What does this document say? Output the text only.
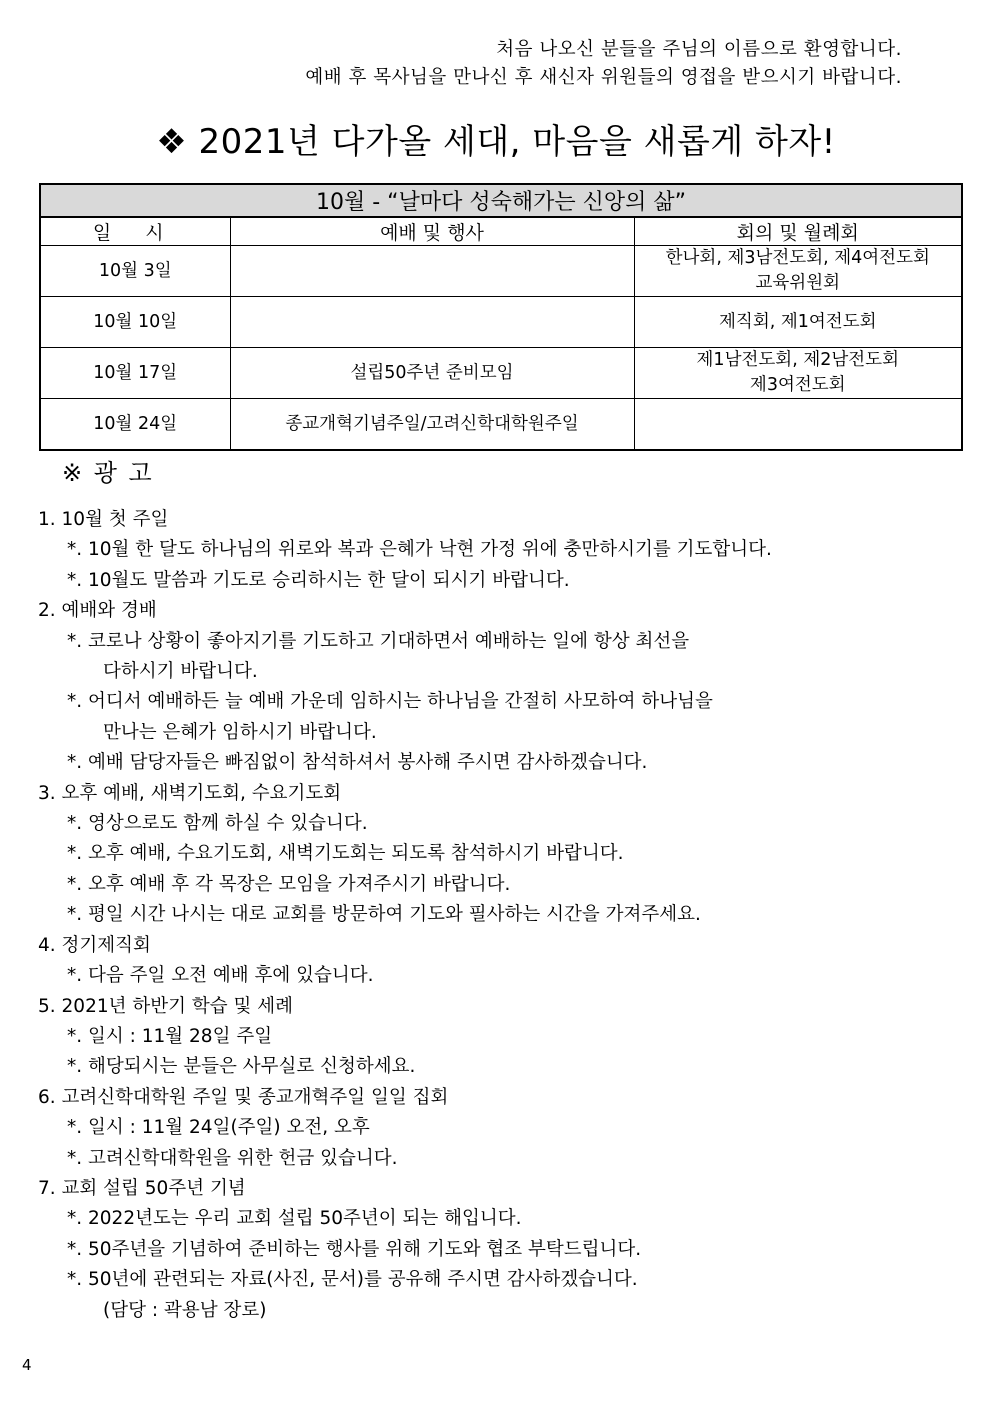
처음 나오신 분들을 주님의 이름으로 환영합니다.
예배 후 목사님을 만나신 후 새신자 위원들의 영접을 받으시기 바랍니다.
❖ 2021년 다가올 세대, 마음을 새롭게 하자!
10월 - “날마다 성숙해가는 신앙의 삶”		
일 시	예배 및 행사	회의 및 월례회
10월 3일		한나회, 제3남전도회, 제4여전도회
교육위원회

10월 10일		제직회, 제1여전도회

10월 17일	설립50주년 준비모임	제1남전도회, 제2남전도회
제3여전도회

10월 24일	종교개혁기념주일/고려신학대학원주일	
※ 광 고
1. 10월 첫 주일
*. 10월 한 달도 하나님의 위로와 복과 은혜가 낙현 가정 위에 충만하시기를 기도합니다.
*. 10월도 말씀과 기도로 승리하시는 한 달이 되시기 바랍니다.
2. 예배와 경배
*. 코로나 상황이 좋아지기를 기도하고 기대하면서 예배하는 일에 항상 최선을
다하시기 바랍니다.
*. 어디서 예배하든 늘 예배 가운데 임하시는 하나님을 간절히 사모하여 하나님을
만나는 은혜가 임하시기 바랍니다.
*. 예배 담당자들은 빠짐없이 참석하셔서 봉사해 주시면 감사하겠습니다.
3. 오후 예배, 새벽기도회, 수요기도회
*. 영상으로도 함께 하실 수 있습니다.
*. 오후 예배, 수요기도회, 새벽기도회는 되도록 참석하시기 바랍니다.
*. 오후 예배 후 각 목장은 모임을 가져주시기 바랍니다.
*. 평일 시간 나시는 대로 교회를 방문하여 기도와 필사하는 시간을 가져주세요.
4. 정기제직회
*. 다음 주일 오전 예배 후에 있습니다.
5. 2021년 하반기 학습 및 세례
*. 일시 : 11월 28일 주일
*. 해당되시는 분들은 사무실로 신청하세요.
6. 고려신학대학원 주일 및 종교개혁주일 일일 집회
*. 일시 : 11월 24일(주일) 오전, 오후
*. 고려신학대학원을 위한 헌금 있습니다.
7. 교회 설립 50주년 기념
*. 2022년도는 우리 교회 설립 50주년이 되는 해입니다.
*. 50주년을 기념하여 준비하는 행사를 위해 기도와 협조 부탁드립니다.
*. 50년에 관련되는 자료(사진, 문서)를 공유해 주시면 감사하겠습니다.
(담당 : 곽용남 장로)
4
